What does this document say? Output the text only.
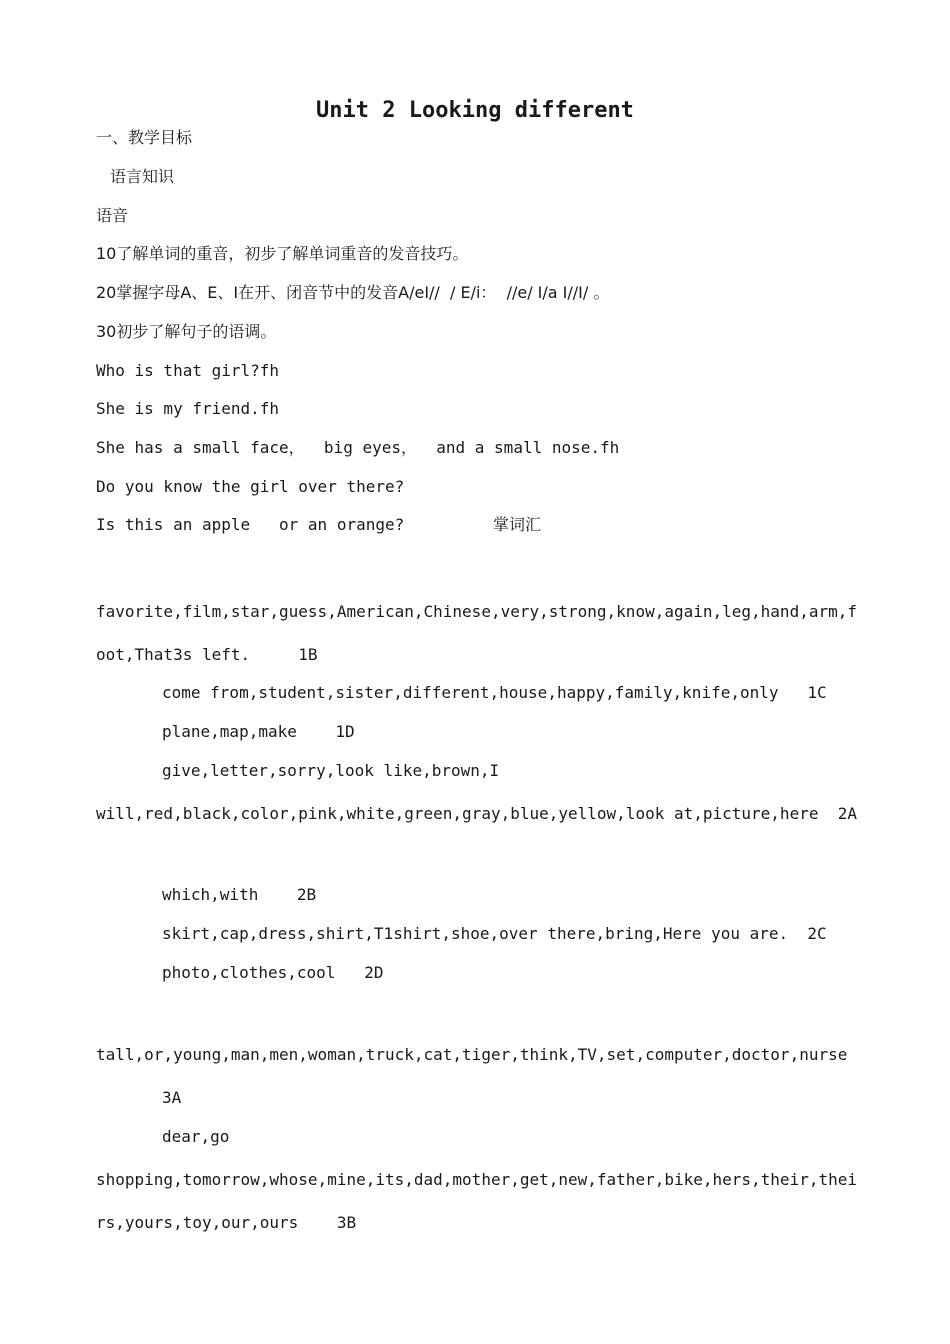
Unit 2 Looking different
一、教学目标
语言知识
语音
10了解单词的重音，初步了解单词重音的发音技巧。
20掌握字母A、E、I在开、闭音节中的发音A/eI//  / E/i：  //e/ I/a I//I/ 。
30初步了解句子的语调。
Who is that girl?fh
She is my friend.fh
She has a small face，  big eyes，  and a small nose.fh
Do you know the girl over there?
Is this an apple   or an orange?	掌词汇
favorite,film,star,guess,American,Chinese,very,strong,know,again,leg,hand,arm,f
oot,That3s left.     1B
come from,student,sister,different,house,happy,family,knife,only   1C
plane,map,make    1D
give,letter,sorry,look like,brown,I
will,red,black,color,pink,white,green,gray,blue,yellow,look at,picture,here  2A
which,with    2B
skirt,cap,dress,shirt,T1shirt,shoe,over there,bring,Here you are.  2C
photo,clothes,cool   2D
tall,or,young,man,men,woman,truck,cat,tiger,think,TV,set,computer,doctor,nurse
3A
dear,go
shopping,tomorrow,whose,mine,its,dad,mother,get,new,father,bike,hers,their,thei
rs,yours,toy,our,ours    3B
